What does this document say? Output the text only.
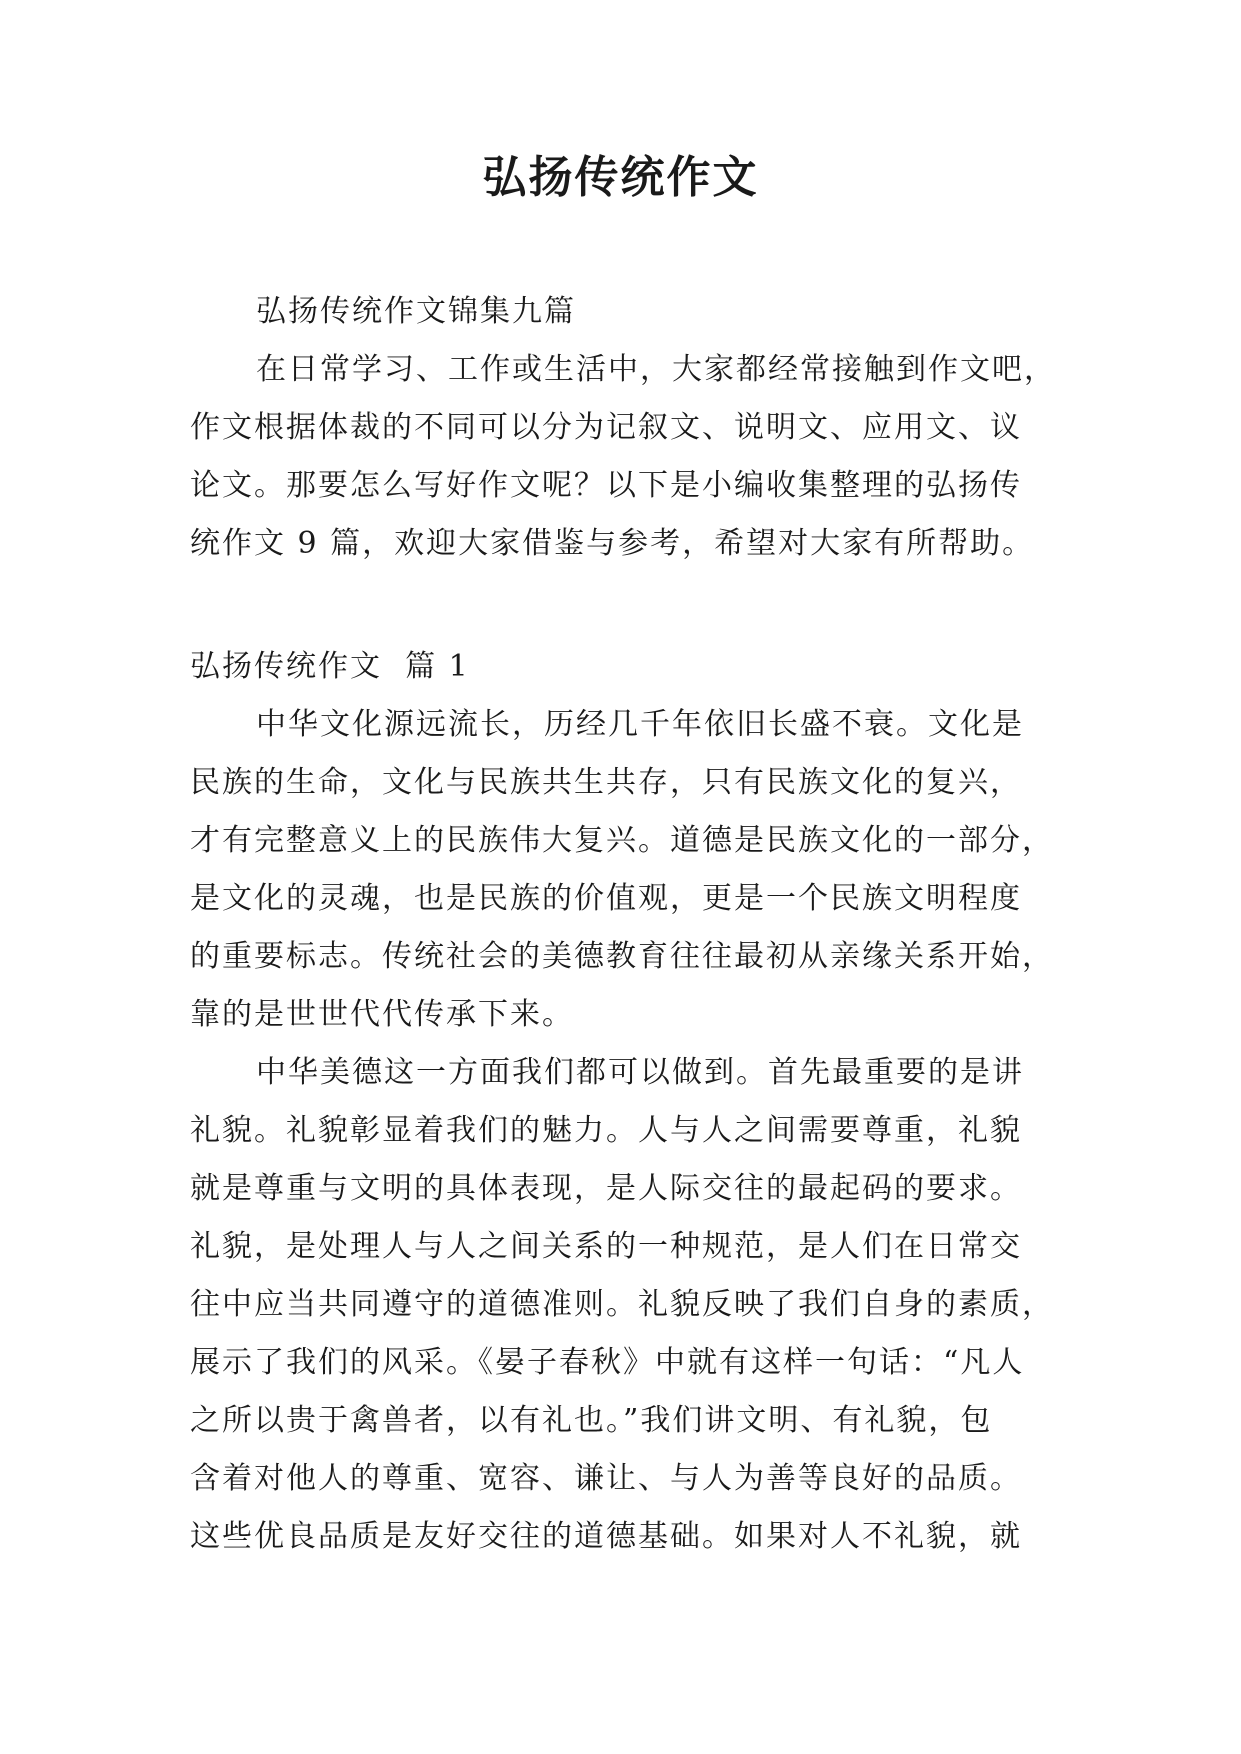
弘扬传统作文

弘扬传统作文锦集九篇

在日常学习、工作或生活中，大家都经常接触到作文吧，
作文根据体裁的不同可以分为记叙文、说明文、应用文、议
论文。那要怎么写好作文呢？以下是小编收集整理的弘扬传
统作文 9 篇，欢迎大家借鉴与参考，希望对大家有所帮助。

弘扬传统作文  篇 1

中华文化源远流长，历经几千年依旧长盛不衰。文化是
民族的生命，文化与民族共生共存，只有民族文化的复兴，
才有完整意义上的民族伟大复兴。道德是民族文化的一部分，
是文化的灵魂，也是民族的价值观，更是一个民族文明程度
的重要标志。传统社会的美德教育往往最初从亲缘关系开始，
靠的是世世代代传承下来。

中华美德这一方面我们都可以做到。首先最重要的是讲
礼貌。礼貌彰显着我们的魅力。人与人之间需要尊重，礼貌
就是尊重与文明的具体表现，是人际交往的最起码的要求。
礼貌，是处理人与人之间关系的一种规范，是人们在日常交
往中应当共同遵守的道德准则。礼貌反映了我们自身的素质，
展示了我们的风采。《晏子春秋》中就有这样一句话：“凡人
之所以贵于禽兽者，以有礼也。”我们讲文明、有礼貌，包
含着对他人的尊重、宽容、谦让、与人为善等良好的品质。
这些优良品质是友好交往的道德基础。如果对人不礼貌，就
